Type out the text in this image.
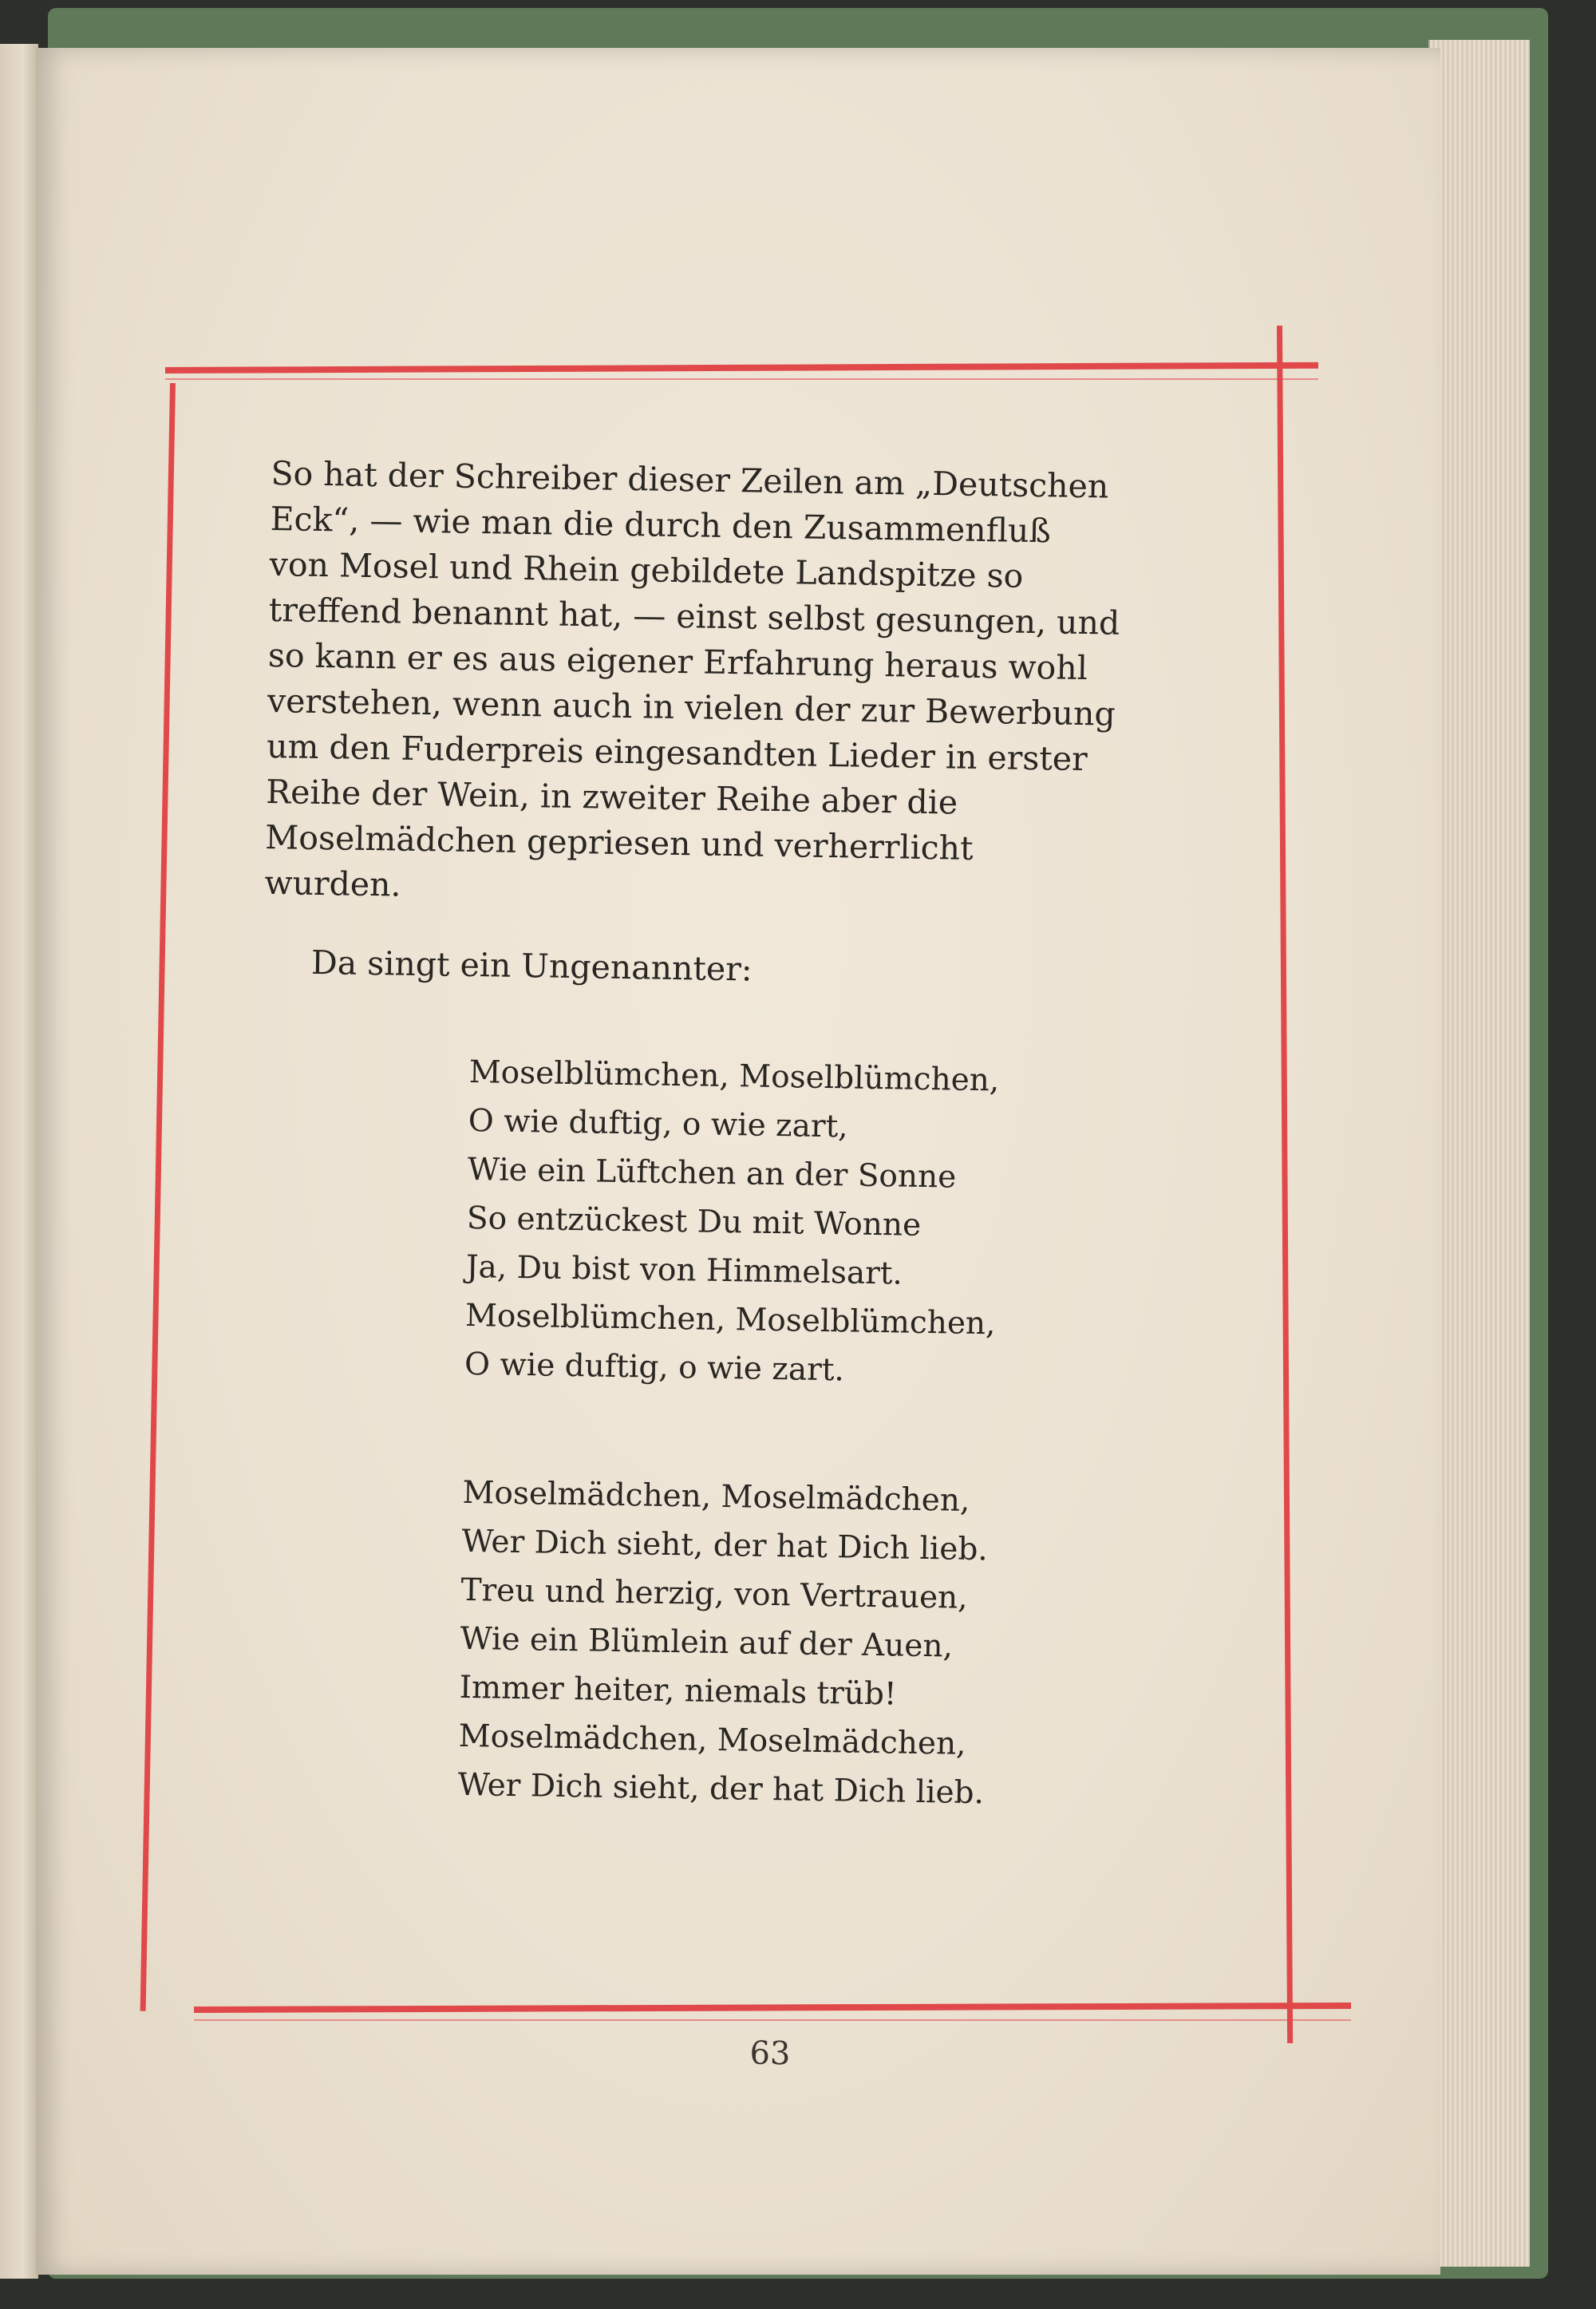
So hat der Schreiber dieser Zeilen am „Deutschen
Eck“, — wie man die durch den Zusammenfluß
von Mosel und Rhein gebildete Landspitze so
treffend benannt hat, — einst selbst gesungen, und
so kann er es aus eigener Erfahrung heraus wohl
verstehen, wenn auch in vielen der zur Bewerbung
um den Fuderpreis eingesandten Lieder in erster
Reihe der Wein, in zweiter Reihe aber die
Moselmädchen gepriesen und verherrlicht
wurden.

Da singt ein Ungenannter:

Moselblümchen, Moselblümchen,
O wie duftig, o wie zart,
Wie ein Lüftchen an der Sonne
So entzückest Du mit Wonne
Ja, Du bist von Himmelsart.
Moselblümchen, Moselblümchen,
O wie duftig, o wie zart.
Moselmädchen, Moselmädchen,
Wer Dich sieht, der hat Dich lieb.
Treu und herzig, von Vertrauen,
Wie ein Blümlein auf der Auen,
Immer heiter, niemals trüb!
Moselmädchen, Moselmädchen,
Wer Dich sieht, der hat Dich lieb.
63
